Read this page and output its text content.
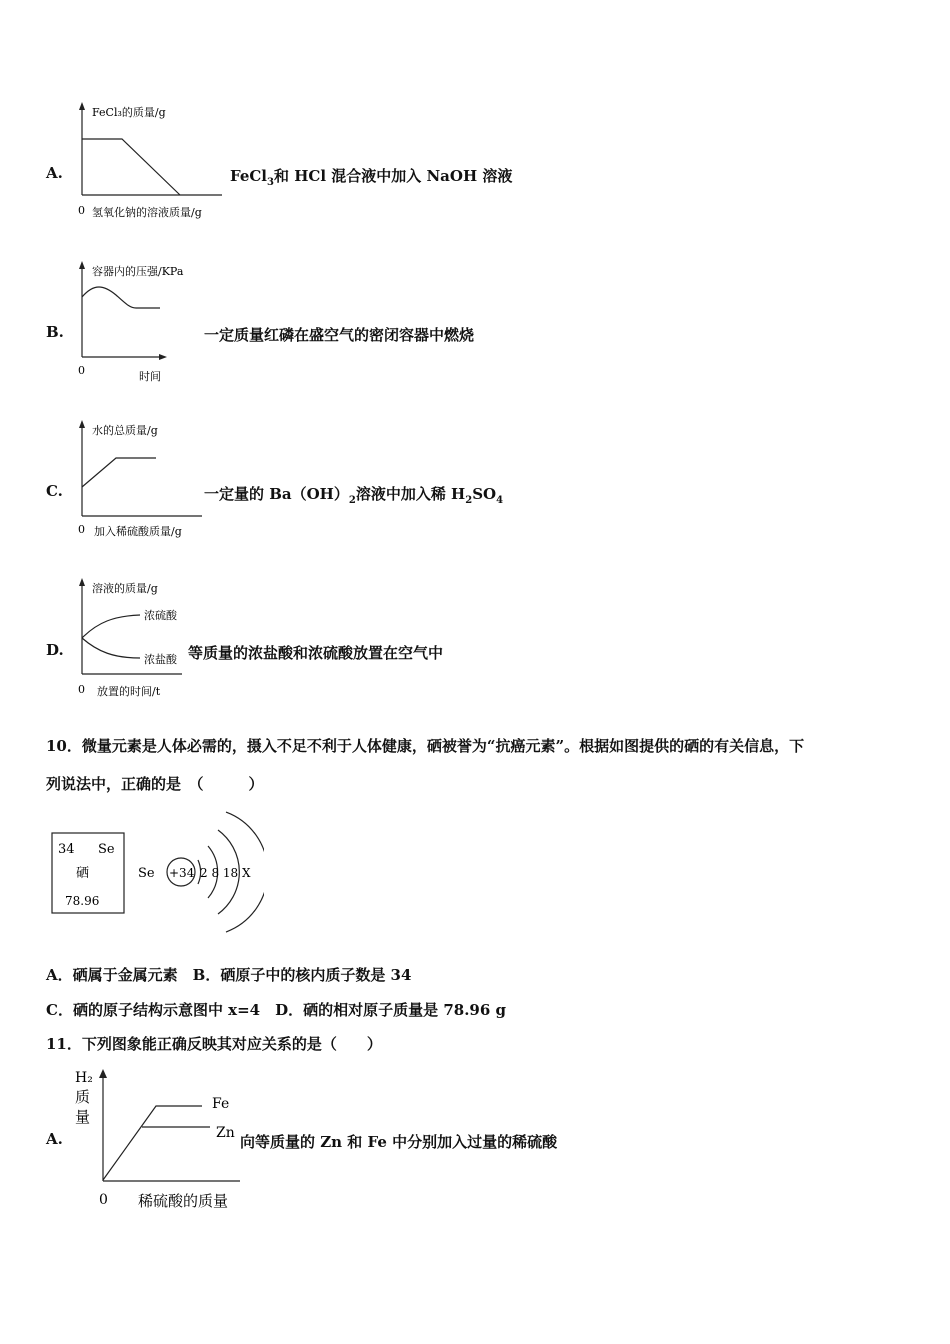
A.
FeCl₃的质量/g
0 氢氧化钠的溶液质量/g
FeCl$_3$和 HCl 混合液中加入 NaOH 溶液
B.
容器内的压强/KPa
0	时间
一定质量红磷在盛空气的密闭容器中燃烧
C.
水的总质量/g
0 加入稀硫酸质量/g
一定量的 $Ba(OH)_2$溶液中加入稀 $H_2SO_4$
D.
溶液的质量/g
浓硫酸
浓盐酸
0 放置的时间/t
等质量的浓盐酸和浓硫酸放置在空气中
10．微量元素是人体必需的，摄入不足不利于人体健康，硒被誉为“抗癌元素”。根据如图提供的硒的有关信息，下
列说法中，正确的是　（　　　）
34 Se
硒
78.96
Se +34 2 8 18 X
A．硒属于金属元素　B．硒原子中的核内质子数是 34
C．硒的原子结构示意图中 x=4　D．硒的相对原子质量是 78.96 g
11．下列图象能正确反映其对应关系的是（　　）
A.
H₂
质
量
Fe
Zn
0 稀硫酸的质量
向等质量的 Zn 和 Fe 中分别加入过量的稀硫酸
